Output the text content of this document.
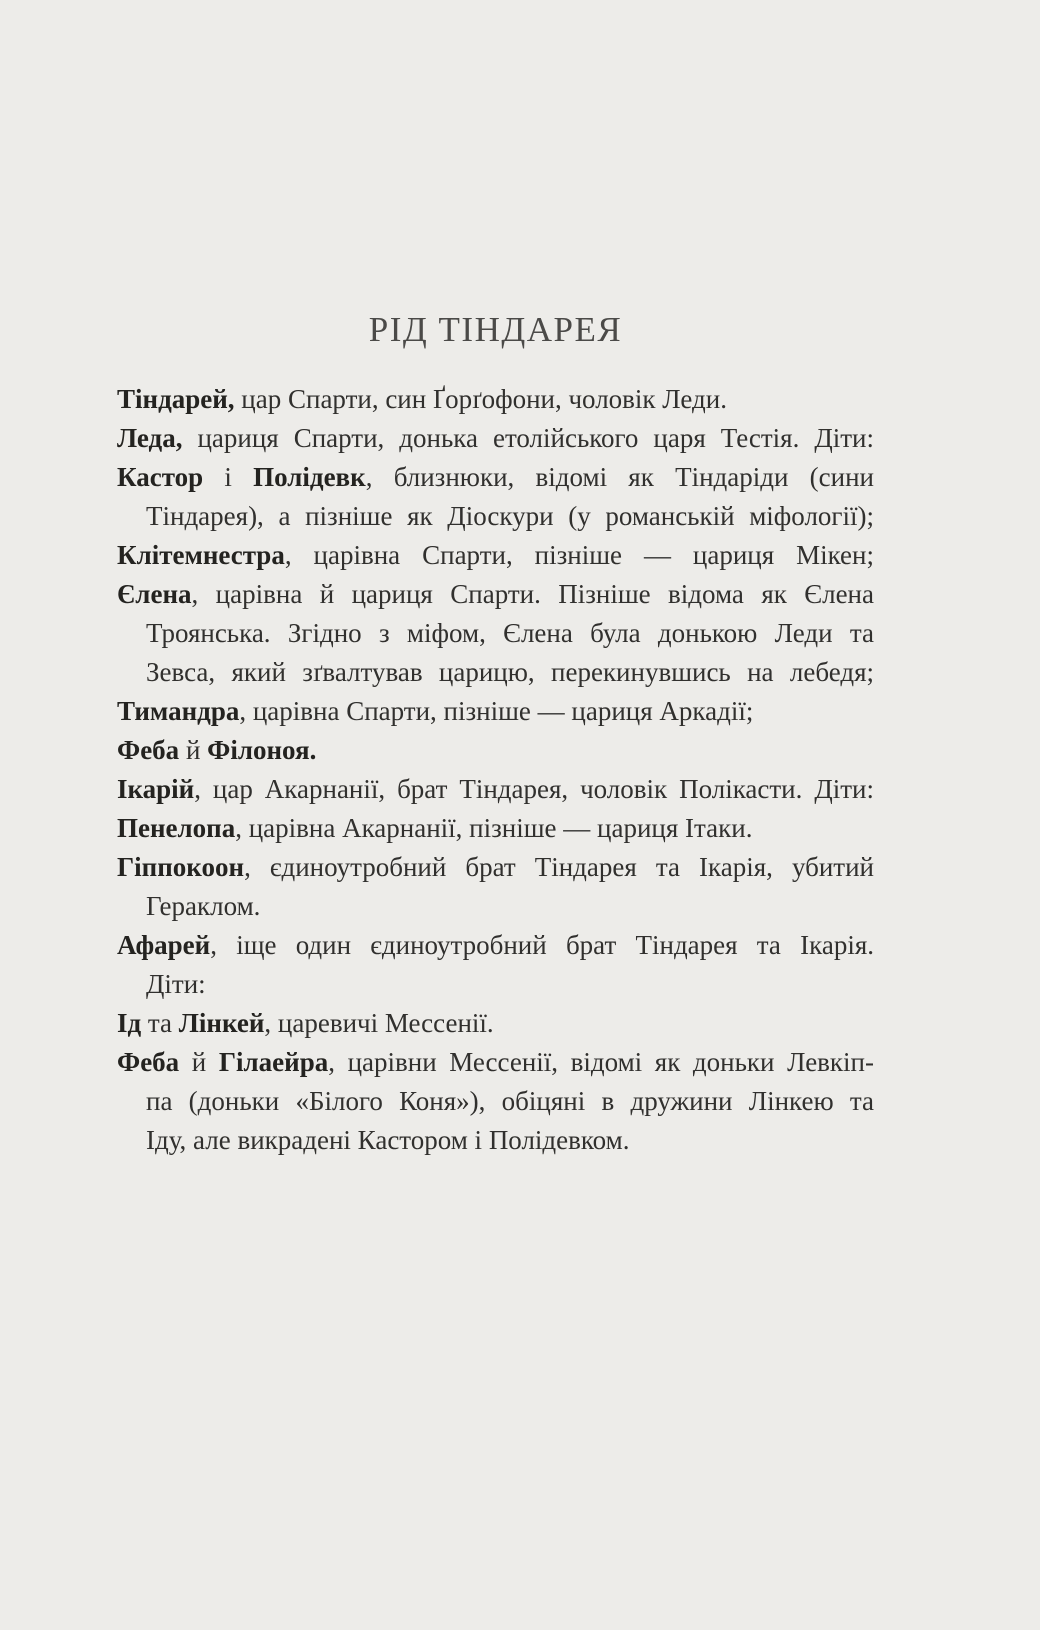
РІД ТІНДАРЕЯ
Тіндарей, цар Спарти, син Ґорґофони, чоловік Леди.
Леда, цариця Спарти, донька етолійського царя Тестія. Діти:
Кастор і Полідевк, близнюки, відомі як Тіндаріди (сини
Тіндарея), а пізніше як Діоскури (у романській міфології);
Клітемнестра, царівна Спарти, пізніше — цариця Мікен;
Єлена, царівна й цариця Спарти. Пізніше відома як Єлена
Троянська. Згідно з міфом, Єлена була донькою Леди та
Зевса, який зґвалтував царицю, перекинувшись на лебедя;
Тимандра, царівна Спарти, пізніше — цариця Аркадії;
Феба й Філоноя.
Ікарій, цар Акарнанії, брат Тіндарея, чоловік Полікасти. Діти:
Пенелопа, царівна Акарнанії, пізніше — цариця Ітаки.
Гіппокоон, єдиноутробний брат Тіндарея та Ікарія, убитий
Гераклом.
Афарей, іще один єдиноутробний брат Тіндарея та Ікарія.
Діти:
Ід та Лінкей, царевичі Мессенії.
Феба й Гілаейра, царівни Мессенії, відомі як доньки Левкіп-
па (доньки «Білого Коня»), обіцяні в дружини Лінкею та
Іду, але викрадені Кастором і Полідевком.
